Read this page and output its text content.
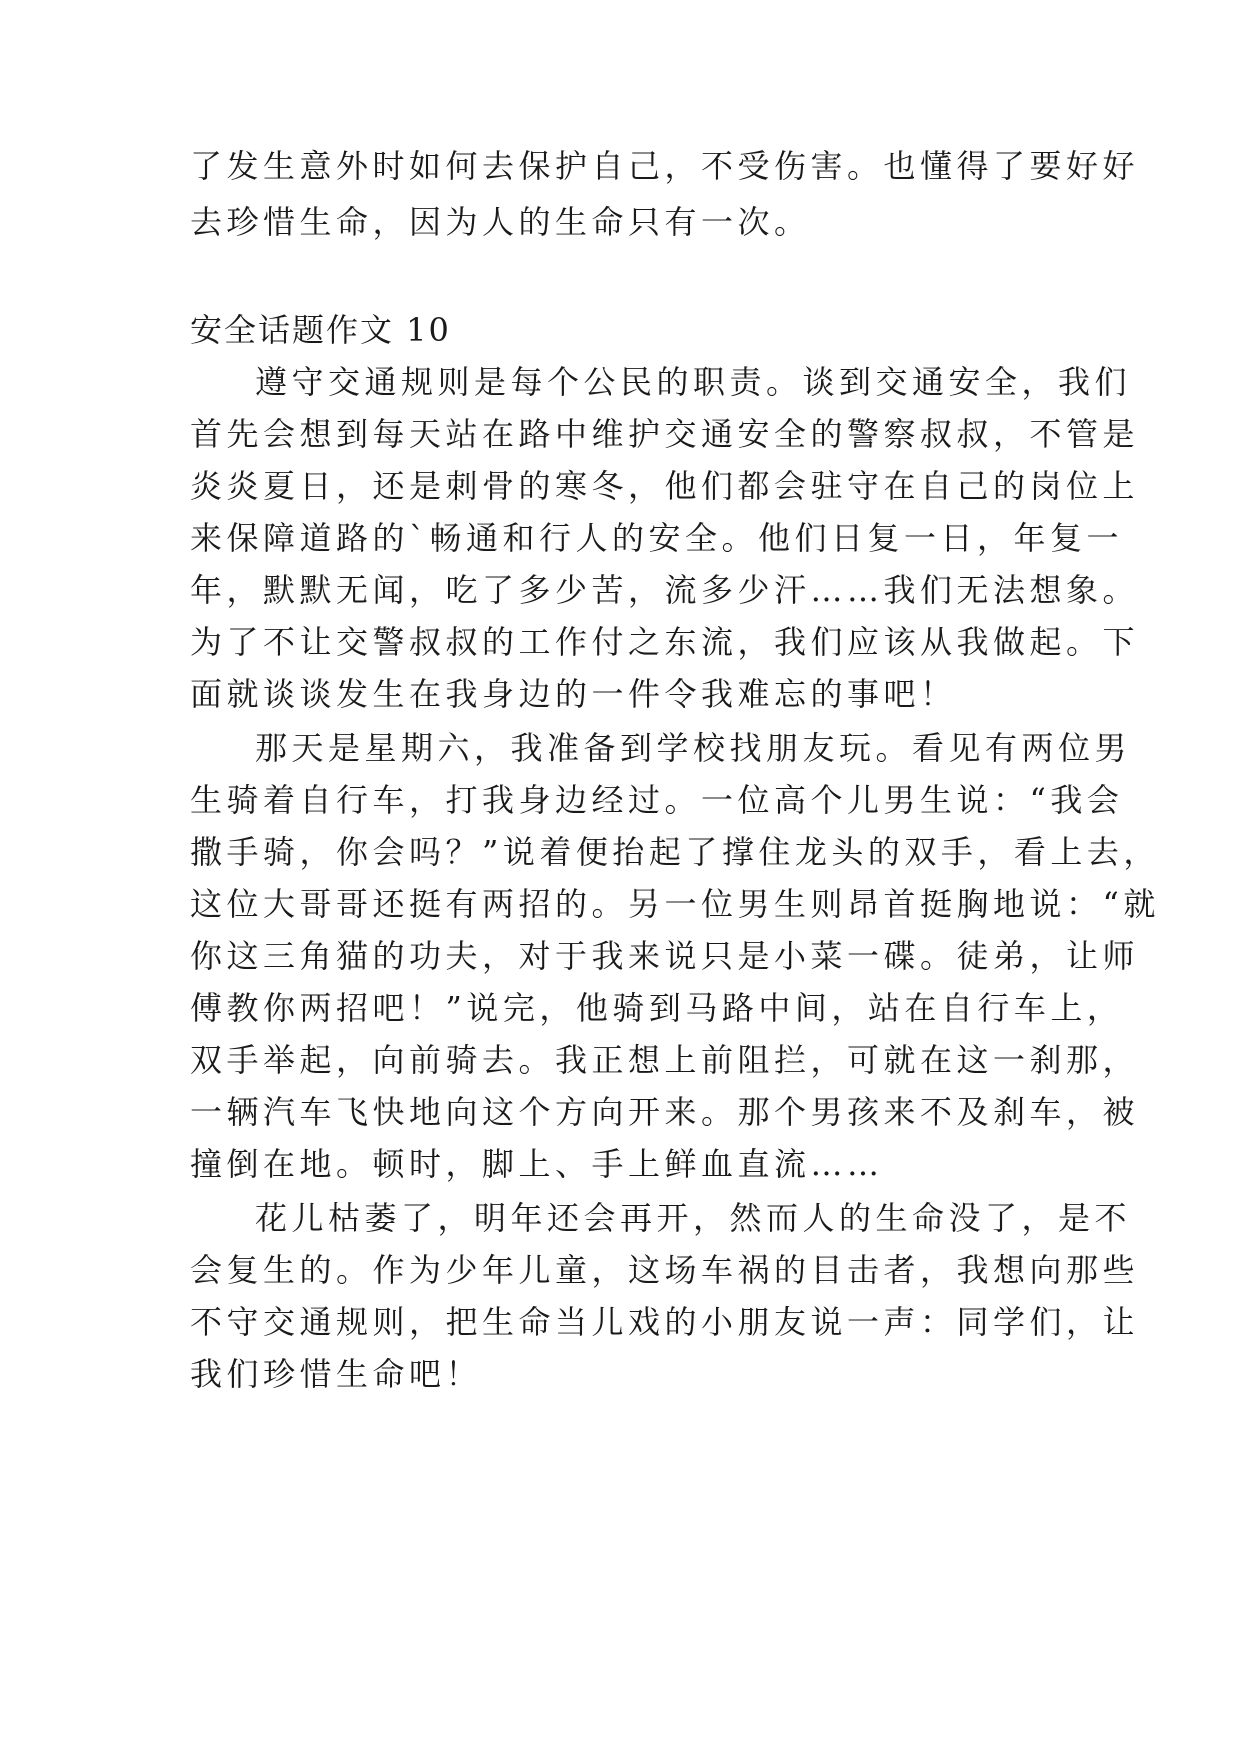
了发生意外时如何去保护自己，不受伤害。也懂得了要好好

去珍惜生命，因为人的生命只有一次。

安全话题作文 10

遵守交通规则是每个公民的职责。谈到交通安全，我们

首先会想到每天站在路中维护交通安全的警察叔叔，不管是

炎炎夏日，还是刺骨的寒冬，他们都会驻守在自己的岗位上

来保障道路的`畅通和行人的安全。他们日复一日，年复一

年，默默无闻，吃了多少苦，流多少汗……我们无法想象。

为了不让交警叔叔的工作付之东流，我们应该从我做起。下

面就谈谈发生在我身边的一件令我难忘的事吧！

那天是星期六，我准备到学校找朋友玩。看见有两位男

生骑着自行车，打我身边经过。一位高个儿男生说：“我会

撒手骑，你会吗？”说着便抬起了撑住龙头的双手，看上去，

这位大哥哥还挺有两招的。另一位男生则昂首挺胸地说：“就

你这三角猫的功夫，对于我来说只是小菜一碟。徒弟，让师

傅教你两招吧！”说完，他骑到马路中间，站在自行车上，

双手举起，向前骑去。我正想上前阻拦，可就在这一刹那，

一辆汽车飞快地向这个方向开来。那个男孩来不及刹车，被

撞倒在地。顿时，脚上、手上鲜血直流……

花儿枯萎了，明年还会再开，然而人的生命没了，是不

会复生的。作为少年儿童，这场车祸的目击者，我想向那些

不守交通规则，把生命当儿戏的小朋友说一声：同学们，让

我们珍惜生命吧！
